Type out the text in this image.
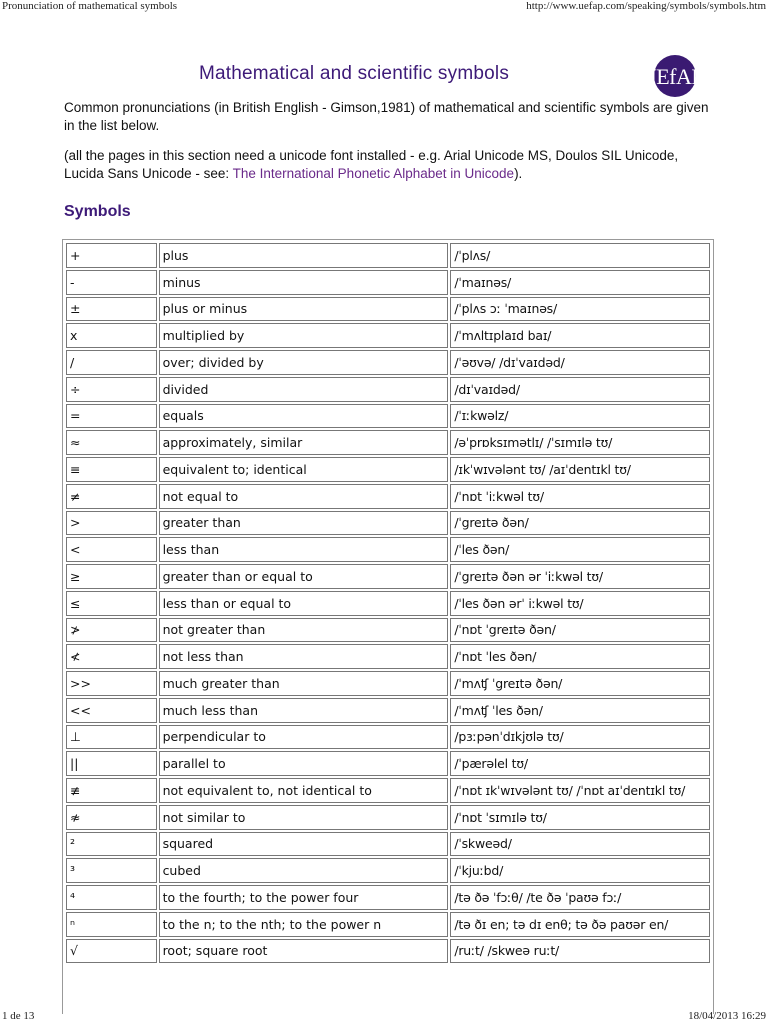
Pronunciation of mathematical symbols	http://www.uefap.com/speaking/symbols/symbols.htm
Mathematical and scientific symbols	UEfAP

Common pronunciations (in British English - Gimson,1981) of mathematical and scientific symbols are given in the list below.

(all the pages in this section need a unicode font installed - e.g. Arial Unicode MS, Doulos SIL Unicode, Lucida Sans Unicode - see: The International Phonetic Alphabet in Unicode).

Symbols
+	plus	/ˈplʌs/
-	minus	/ˈmaɪnəs/
±	plus or minus	/ˈplʌs ɔː ˈmaɪnəs/
x	multiplied by	/ˈmʌltɪplaɪd baɪ/
/	over; divided by	/ˈəʊvə/ /dɪˈvaɪdəd/
÷	divided	/dɪˈvaɪdəd/
=	equals	/ˈɪːkwəlz/
≈	approximately, similar	/əˈprɒksɪmətlɪ/ /ˈsɪmɪlə tʊ/
≡	equivalent to; identical	/ɪkˈwɪvələnt tʊ/ /aɪˈdentɪkl tʊ/
≠	not equal to	/ˈnɒt ˈiːkwəl tʊ/
>	greater than	/ˈgreɪtə ðən/
<	less than	/ˈles ðən/
≥	greater than or equal to	/ˈgreɪtə ðən ər ˈiːkwəl tʊ/
≤	less than or equal to	/ˈles ðən ərˈ iːkwəl tʊ/
≯	not greater than	/ˈnɒt ˈgreɪtə ðən/
≮	not less than	/ˈnɒt ˈles ðən/
>>	much greater than	/ˈmʌʧ ˈgreɪtə ðən/
<<	much less than	/ˈmʌʧ ˈles ðən/
⊥	perpendicular to	/pɜːpənˈdɪkjʊlə tʊ/
||	parallel to	/ˈpærəlel tʊ/
≢	not equivalent to, not identical to	/ˈnɒt ɪkˈwɪvələnt tʊ/ /ˈnɒt aɪˈdentɪkl tʊ/
≉	not similar to	/ˈnɒt ˈsɪmɪlə tʊ/
²	squared	/ˈskweəd/
³	cubed	/ˈkjuːbd/
⁴	to the fourth; to the power four	/tə ðə ˈfɔːθ/ /te ðə ˈpaʊə fɔː/
ⁿ	to the n; to the nth; to the power n	/tə ðɪ en; tə dɪ enθ; tə ðə paʊər en/
√	root; square root	/ruːt/ /skweə ruːt/
1 de 13	18/04/2013 16:29
